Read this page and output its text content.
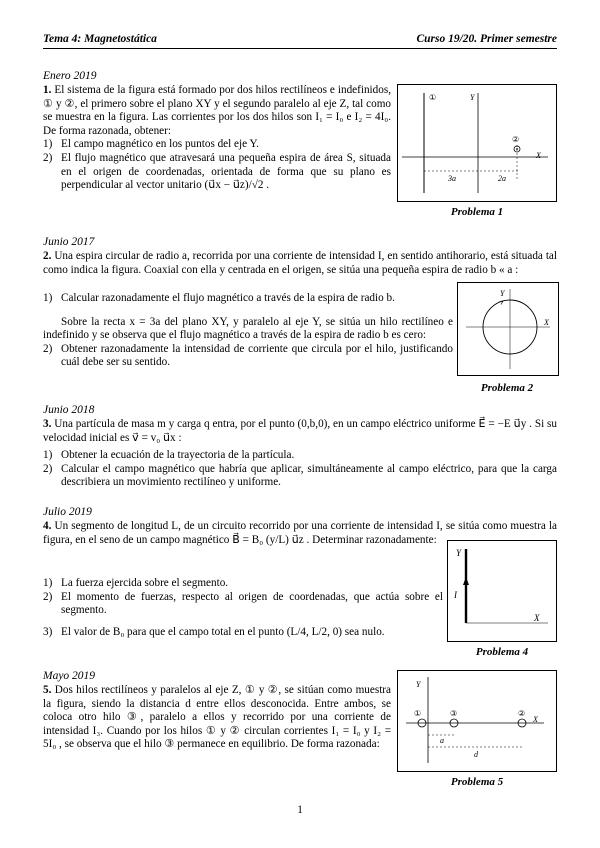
Tema 4: Magnetostática	Curso 19/20. Primer semestre
Enero 2019
1. El sistema de la figura está formado por dos hilos rectilíneos e indefinidos, ① y ②, el primero sobre el plano XY y el segundo paralelo al eje Z, tal como se muestra en la figura. Las corrientes por los dos hilos son I₁ = I₀ e I₂ = 4I₀. De forma razonada, obtener:
1) El campo magnético en los puntos del eje Y.
2) El flujo magnético que atravesará una pequeña espira de área S, situada en el origen de coordenadas, orientada de forma que su plano es perpendicular al vector unitario (u⃗x − u⃗z)/√2 .
①	Y
②
X
3a	2a
Problema 1
Junio 2017
2. Una espira circular de radio a, recorrida por una corriente de intensidad I, en sentido antihorario, está situada tal como indica la figura. Coaxial con ella y centrada en el origen, se sitúa una pequeña espira de radio b « a :
1) Calcular razonadamente el flujo magnético a través de la espira de radio b.
Sobre la recta x = 3a del plano XY, y paralelo al eje Y, se sitúa un hilo rectilíneo e indefinido y se observa que el flujo magnético a través de la espira de radio b es cero:
2) Obtener razonadamente la intensidad de corriente que circula por el hilo, justificando cuál debe ser su sentido.
Y
X
Problema 2
Junio 2018
3. Una partícula de masa m y carga q entra, por el punto (0,b,0), en un campo eléctrico uniforme E⃗ = −E u⃗y . Si su velocidad inicial es v⃗ = v₀ u⃗x :
1) Obtener la ecuación de la trayectoria de la partícula.
2) Calcular el campo magnético que habría que aplicar, simultáneamente al campo eléctrico, para que la carga describiera un movimiento rectilíneo y uniforme.
Julio 2019
4. Un segmento de longitud L, de un circuito recorrido por una corriente de intensidad I, se sitúa como muestra la figura, en el seno de un campo magnético B⃗ = B₀ (y/L) u⃗z . Determinar razonadamente:
1) La fuerza ejercida sobre el segmento.
2) El momento de fuerzas, respecto al origen de coordenadas, que actúa sobre el segmento.
3) El valor de B₀ para que el campo total en el punto (L/4, L/2, 0) sea nulo.
Y
I
X
Problema 4
Mayo 2019
5. Dos hilos rectilíneos y paralelos al eje Z, ① y ②, se sitúan como muestra la figura, siendo la distancia d entre ellos desconocida. Entre ambos, se coloca otro hilo ③, paralelo a ellos y recorrido por una corriente de intensidad I₃. Cuando por los hilos ① y ② circulan corrientes I₁ = I₀ y I₂ = 5I₀ , se observa que el hilo ③ permanece en equilibrio. De forma razonada:
Y
X
①	③	②
a
d
Problema 5
1
